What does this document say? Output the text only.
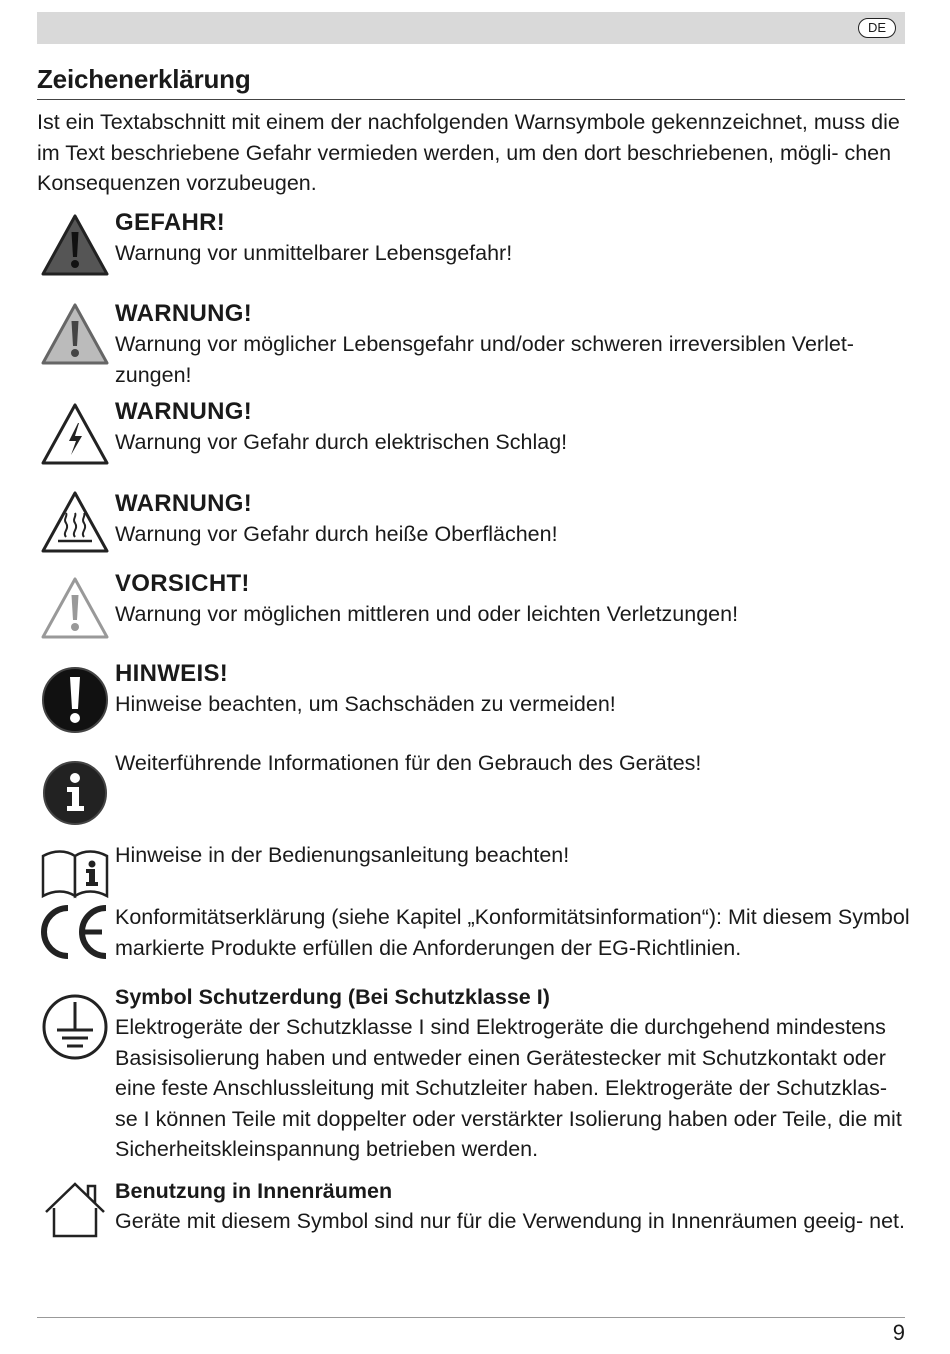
DE
Zeichenerklärung
Ist ein Textabschnitt mit einem der nachfolgenden Warnsymbole gekennzeichnet, muss die im Text beschriebene Gefahr vermieden werden, um den dort beschriebenen, mögli- chen Konsequenzen vorzubeugen.
GEFAHR!
Warnung vor unmittelbarer Lebensgefahr!
WARNUNG!
Warnung vor möglicher Lebensgefahr und/oder schweren irreversiblen Verlet- zungen!
WARNUNG!
Warnung vor Gefahr durch elektrischen Schlag!
WARNUNG!
Warnung vor Gefahr durch heiße Oberflächen!
VORSICHT!
Warnung vor möglichen mittleren und oder leichten Verletzungen!
HINWEIS!
Hinweise beachten, um Sachschäden zu vermeiden!
Weiterführende Informationen für den Gebrauch des Gerätes!
Hinweise in der Bedienungsanleitung beachten!
Konformitätserklärung (siehe Kapitel „Konformitätsinformation“): Mit diesem Symbol markierte Produkte erfüllen die Anforderungen der EG-Richtlinien.
Symbol Schutzerdung (Bei Schutzklasse I)
Elektrogeräte der Schutzklasse I sind Elektrogeräte die durchgehend mindestens Basisisolierung haben und entweder einen Gerätestecker mit Schutzkontakt oder eine feste Anschlussleitung mit Schutzleiter haben. Elektrogeräte der Schutzklas- se I können Teile mit doppelter oder verstärkter Isolierung haben oder Teile, die mit Sicherheitskleinspannung betrieben werden.
Benutzung in Innenräumen
Geräte mit diesem Symbol sind nur für die Verwendung in Innenräumen geeig- net.
9
